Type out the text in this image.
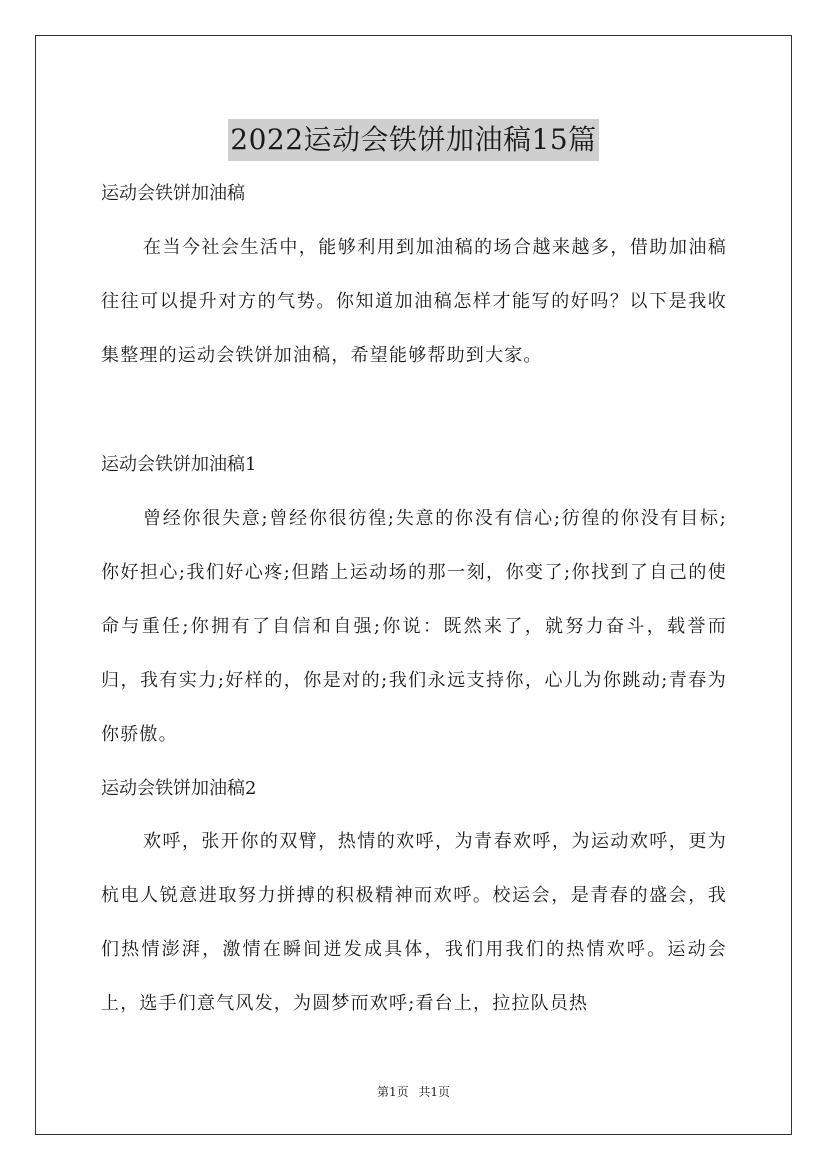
2022运动会铁饼加油稿15篇
运动会铁饼加油稿
在当今社会生活中，能够利用到加油稿的场合越来越多，借助加油稿往往可以提升对方的气势。你知道加油稿怎样才能写的好吗？以下是我收集整理的运动会铁饼加油稿，希望能够帮助到大家。
运动会铁饼加油稿1
曾经你很失意;曾经你很彷徨;失意的你没有信心;彷徨的你没有目标;你好担心;我们好心疼;但踏上运动场的那一刻，你变了;你找到了自己的使命与重任;你拥有了自信和自强;你说：既然来了，就努力奋斗，载誉而归，我有实力;好样的，你是对的;我们永远支持你，心儿为你跳动;青春为你骄傲。
运动会铁饼加油稿2
欢呼，张开你的双臂，热情的欢呼，为青春欢呼，为运动欢呼，更为杭电人锐意进取努力拼搏的积极精神而欢呼。校运会，是青春的盛会，我们热情澎湃，激情在瞬间迸发成具体，我们用我们的热情欢呼。运动会上，选手们意气风发，为圆梦而欢呼;看台上，拉拉队员热
第1页 共1页
